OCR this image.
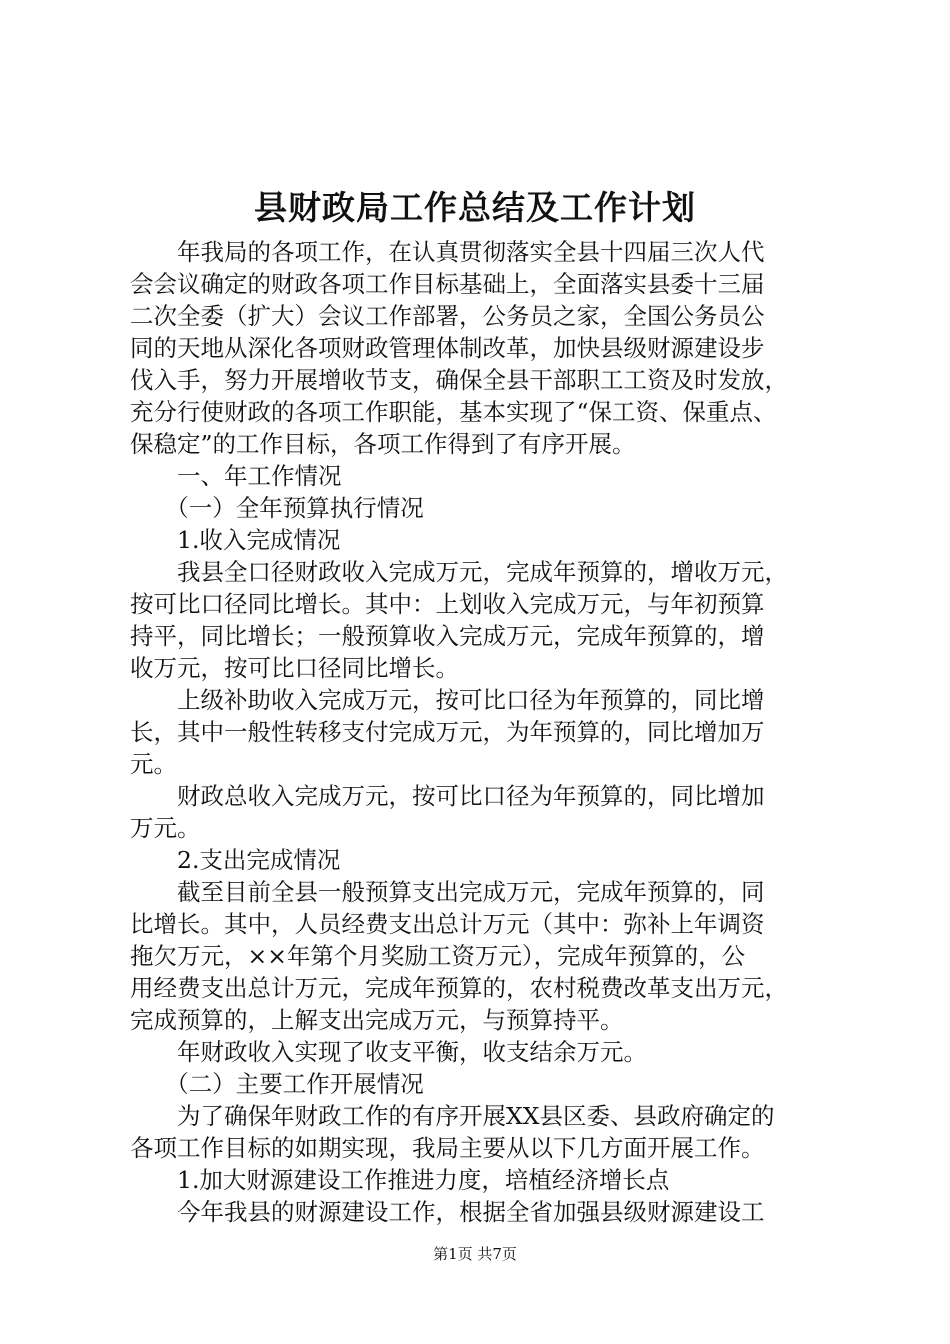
县财政局工作总结及工作计划
　　年我局的各项工作，在认真贯彻落实全县十四届三次人代
会会议确定的财政各项工作目标基础上，全面落实县委十三届
二次全委（扩大）会议工作部署，公务员之家，全国公务员公
同的天地从深化各项财政管理体制改革，加快县级财源建设步
伐入手，努力开展增收节支，确保全县干部职工工资及时发放，
充分行使财政的各项工作职能，基本实现了“保工资、保重点、
保稳定”的工作目标，各项工作得到了有序开展。
　　一、年工作情况
　　（一）全年预算执行情况
　　1.收入完成情况
　　我县全口径财政收入完成万元，完成年预算的，增收万元，
按可比口径同比增长。其中：上划收入完成万元，与年初预算
持平，同比增长；一般预算收入完成万元，完成年预算的，增
收万元，按可比口径同比增长。
　　上级补助收入完成万元，按可比口径为年预算的，同比增
长，其中一般性转移支付完成万元，为年预算的，同比增加万
元。
　　财政总收入完成万元，按可比口径为年预算的，同比增加
万元。
　　2.支出完成情况
　　截至目前全县一般预算支出完成万元，完成年预算的，同
比增长。其中，人员经费支出总计万元（其中：弥补上年调资
拖欠万元，××年第个月奖励工资万元），完成年预算的，公
用经费支出总计万元，完成年预算的，农村税费改革支出万元，
完成预算的，上解支出完成万元，与预算持平。
　　年财政收入实现了收支平衡，收支结余万元。
　　（二）主要工作开展情况
　　为了确保年财政工作的有序开展XX县区委、县政府确定的
各项工作目标的如期实现，我局主要从以下几方面开展工作。
　　1.加大财源建设工作推进力度，培植经济增长点
　　今年我县的财源建设工作，根据全省加强县级财源建设工
第1页 共7页
